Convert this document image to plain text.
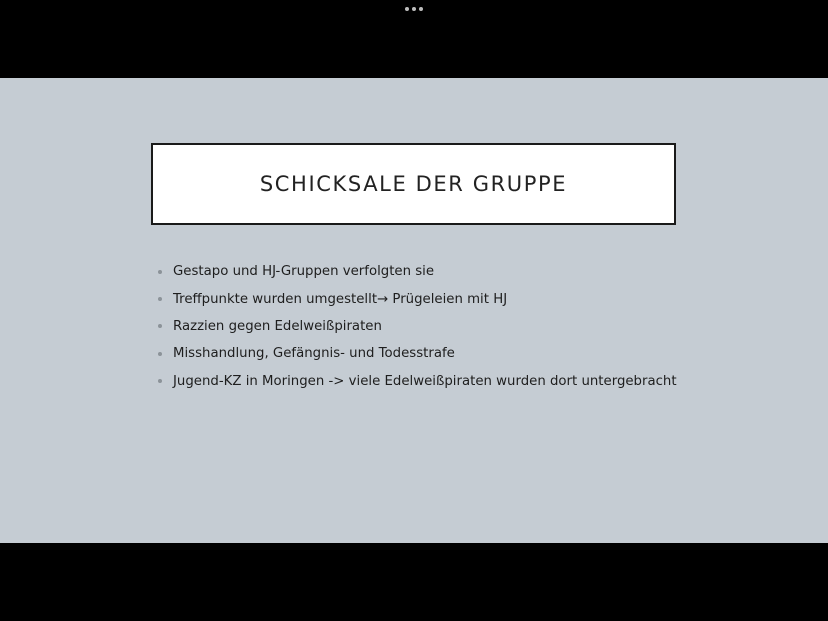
SCHICKSALE DER GRUPPE
Gestapo und HJ-Gruppen verfolgten sie
Treffpunkte wurden umgestellt→ Prügeleien mit HJ
Razzien gegen Edelweißpiraten
Misshandlung, Gefängnis- und Todesstrafe
Jugend-KZ in Moringen -> viele Edelweißpiraten wurden dort untergebracht
